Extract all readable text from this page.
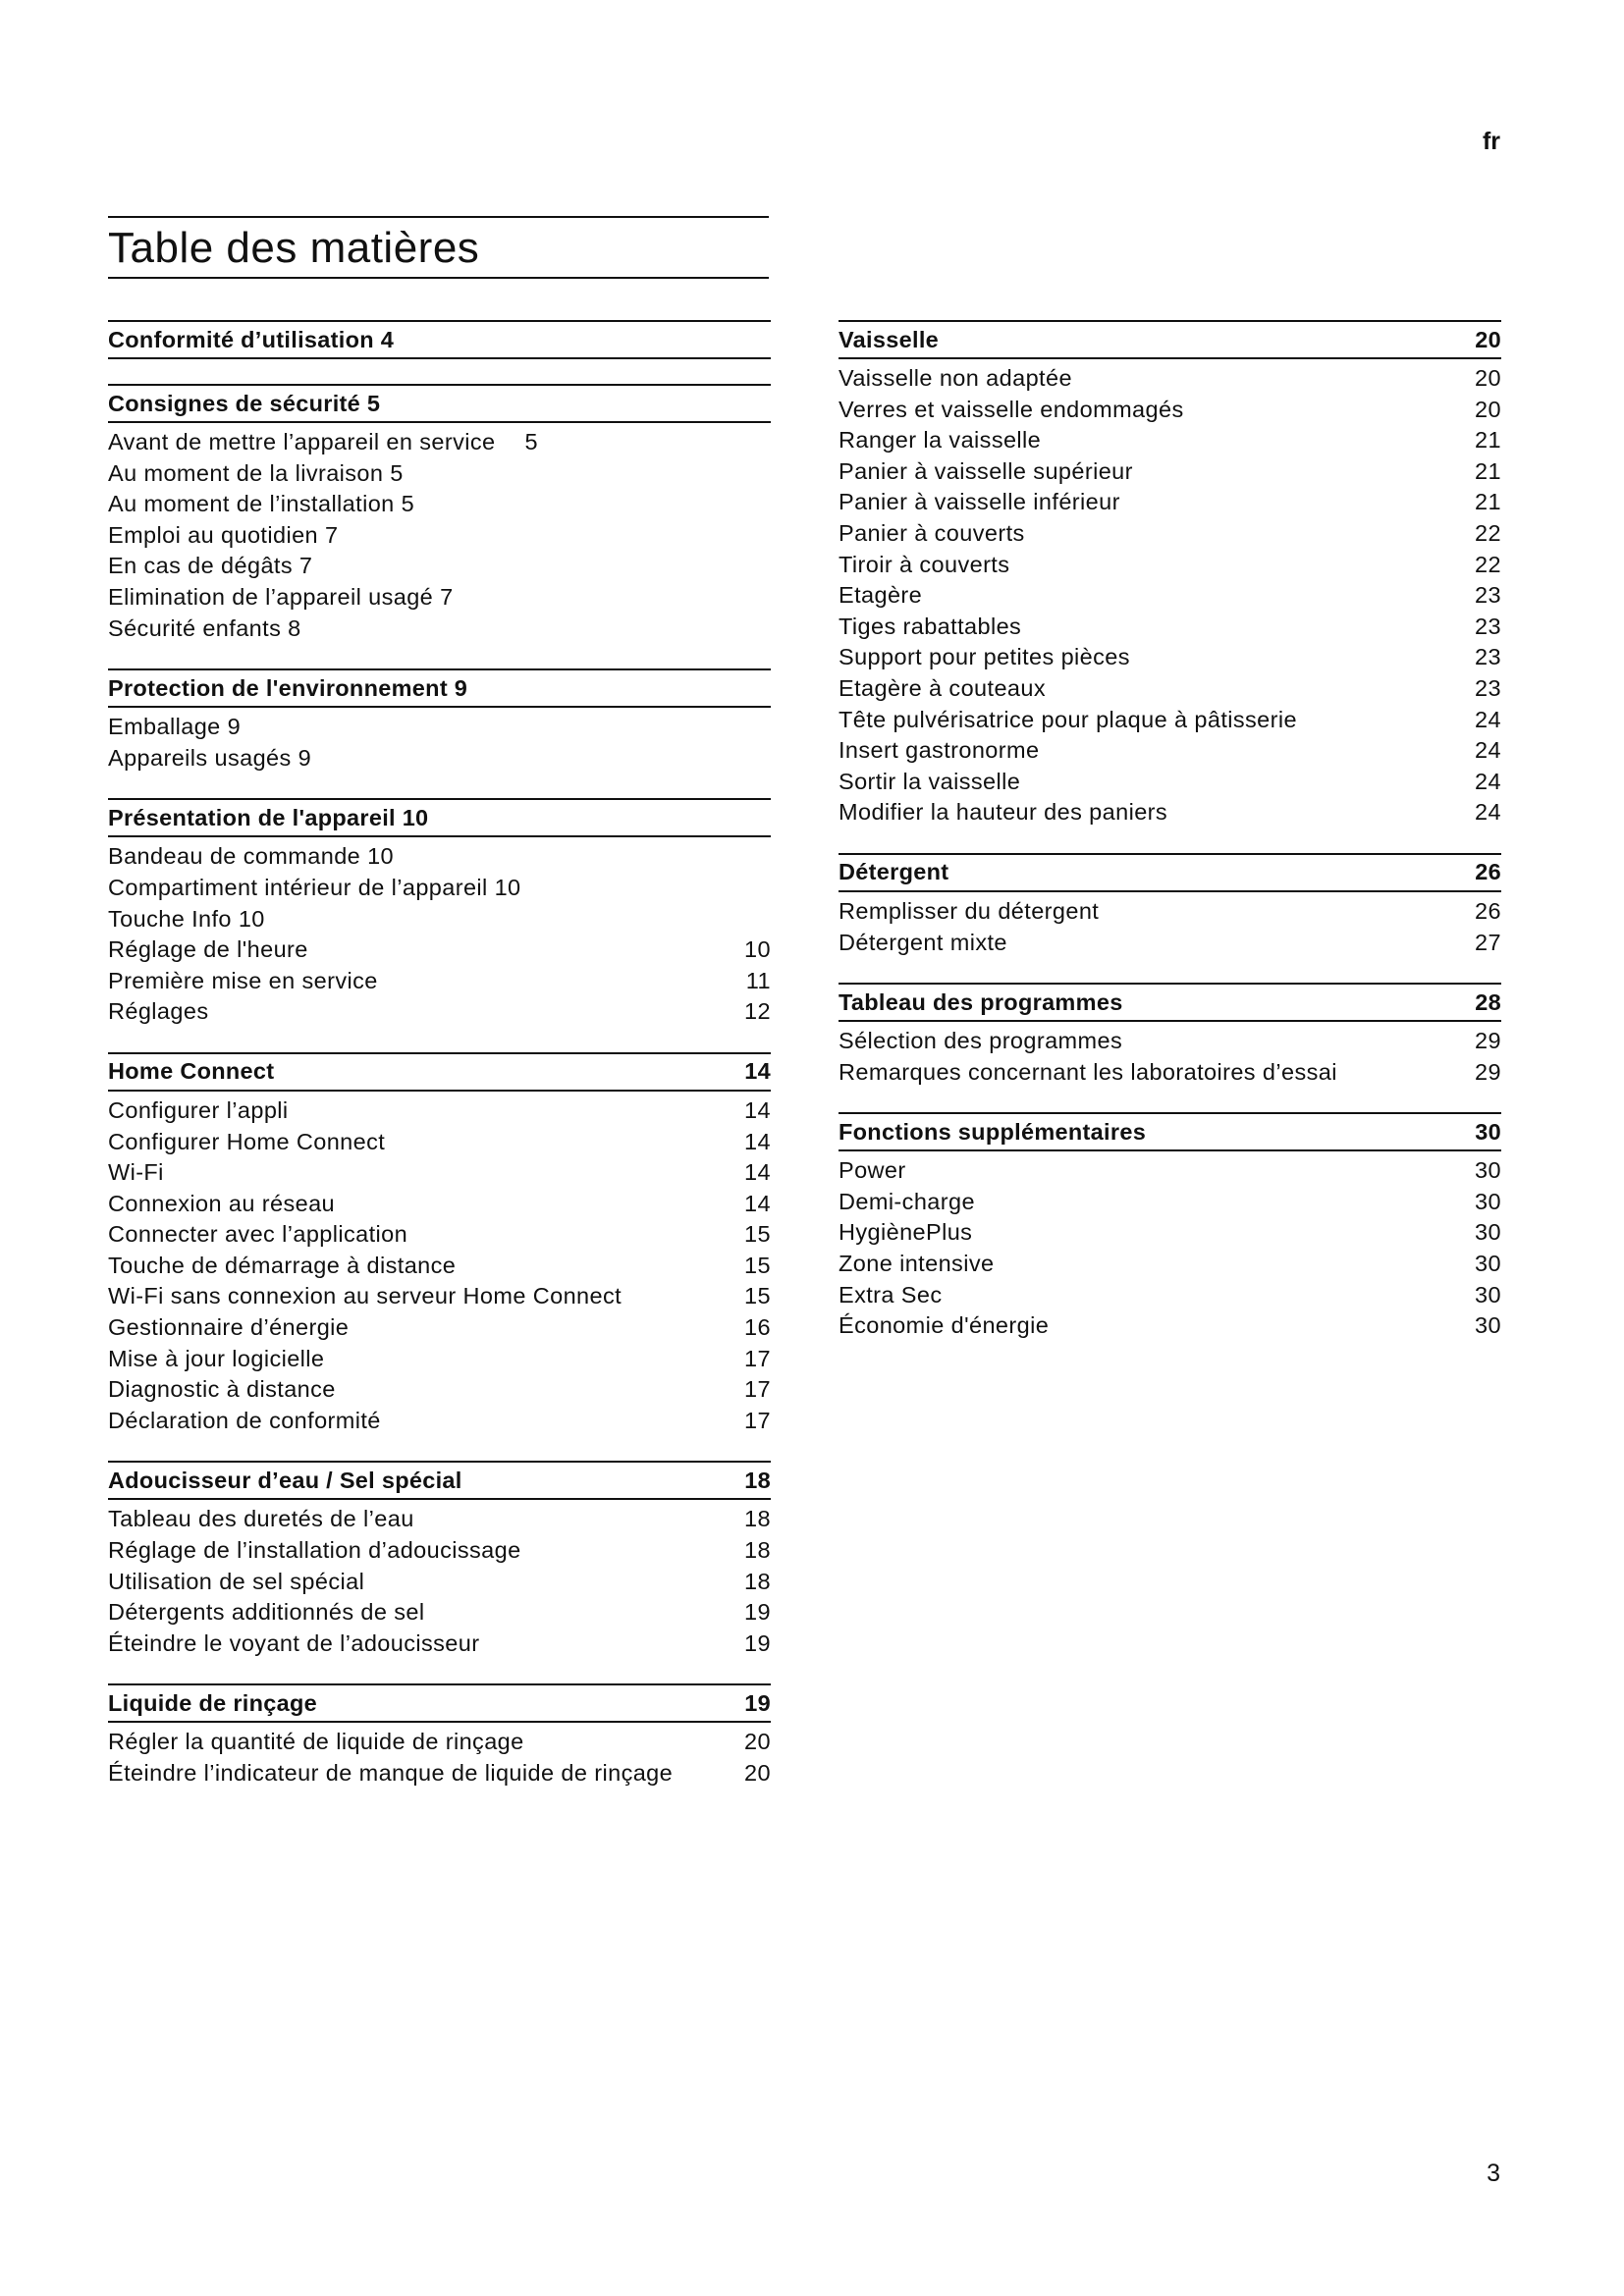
fr
Table des matières
Conformité d’utilisation 4
Consignes de sécurité 5
Avant de mettre l’appareil en service 5
Au moment de la livraison 5
Au moment de l’installation 5
Emploi au quotidien 7
En cas de dégâts 7
Elimination de l’appareil usagé 7
Sécurité enfants 8
Protection de l'environnement 9
Emballage 9
Appareils usagés 9
Présentation de l'appareil 10
Bandeau de commande 10
Compartiment intérieur de l’appareil 10
Touche Info 10
Réglage de l'heure	10
Première mise en service	11
Réglages	12
Home Connect	14
Configurer l’appli	14
Configurer Home Connect	14
Wi-Fi	14
Connexion au réseau	14
Connecter avec l’application	15
Touche de démarrage à distance	15
Wi-Fi sans connexion au serveur Home Connect	15
Gestionnaire d’énergie	16
Mise à jour logicielle	17
Diagnostic à distance	17
Déclaration de conformité	17
Adoucisseur d’eau / Sel spécial	18
Tableau des duretés de l’eau	18
Réglage de l’installation d’adoucissage	18
Utilisation de sel spécial	18
Détergents additionnés de sel	19
Éteindre le voyant de l’adoucisseur	19
Liquide de rinçage	19
Régler la quantité de liquide de rinçage	20
Éteindre l’indicateur de manque de liquide de rinçage	20
Vaisselle	20
Vaisselle non adaptée	20
Verres et vaisselle endommagés	20
Ranger la vaisselle	21
Panier à vaisselle supérieur	21
Panier à vaisselle inférieur	21
Panier à couverts	22
Tiroir à couverts	22
Etagère	23
Tiges rabattables	23
Support pour petites pièces	23
Etagère à couteaux	23
Tête pulvérisatrice pour plaque à pâtisserie	24
Insert gastronorme	24
Sortir la vaisselle	24
Modifier la hauteur des paniers	24
Détergent	26
Remplisser du détergent	26
Détergent mixte	27
Tableau des programmes	28
Sélection des programmes	29
Remarques concernant les laboratoires d’essai	29
Fonctions supplémentaires	30
Power	30
Demi-charge	30
HygiènePlus	30
Zone intensive	30
Extra Sec	30
Économie d'énergie	30
3
